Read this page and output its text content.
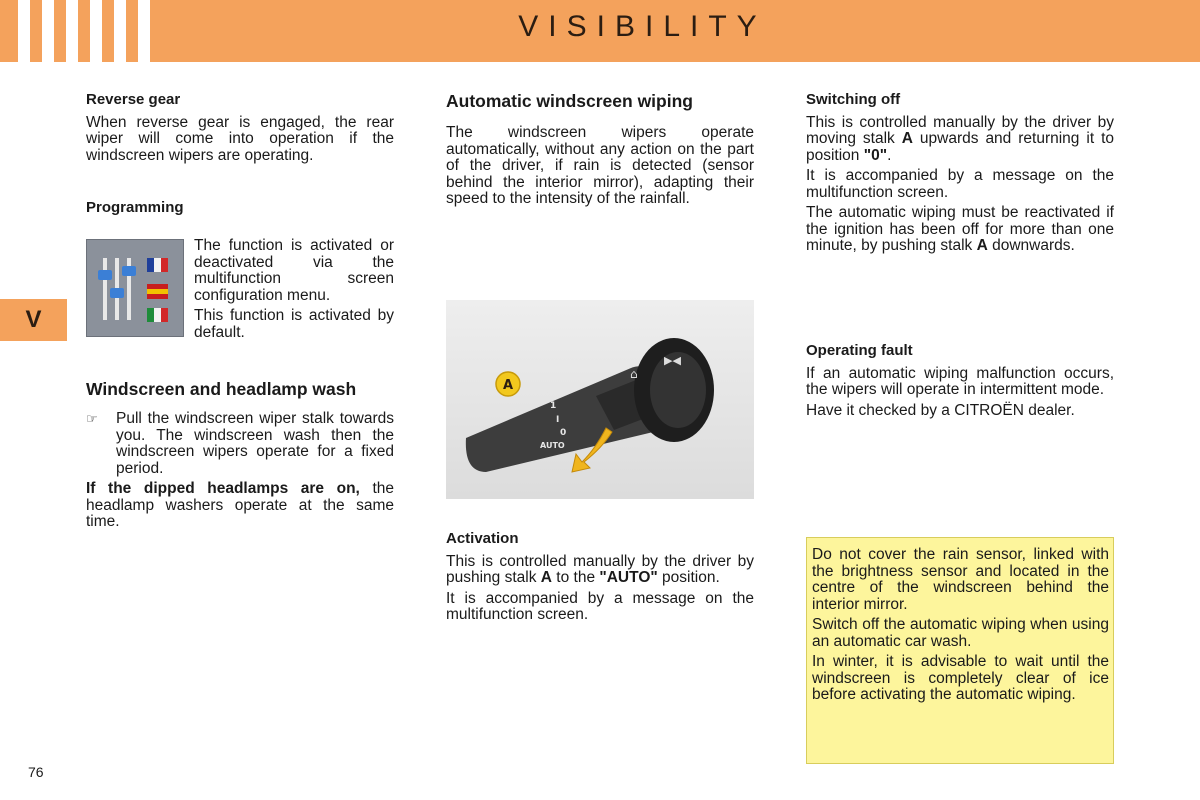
VISIBILITY
V
76
Reverse gear

When reverse gear is engaged, the rear wiper will come into operation if the windscreen wipers are operating.

Programming

The function is activated or deactivated via the multifunction screen configuration menu.

This function is activated by default.

Windscreen and headlamp wash
☞	Pull the windscreen wiper stalk towards you. The windscreen wash then the windscreen wipers operate for a fixed period.

If the dipped headlamps are on, the headlamp washers operate at the same time.

Automatic windscreen wiping

The windscreen wipers operate automatically, without any action on the part of the driver, if rain is detected (sensor behind the interior mirror), adapting their speed to the intensity of the rainfall.

▶◀
⌂
2
1
I
0
AUTO
⌒
A
Activation

This is controlled manually by the driver by pushing stalk A to the "AUTO" position.

It is accompanied by a message on the multifunction screen.

Switching off

This is controlled manually by the driver by moving stalk A upwards and returning it to position "0".

It is accompanied by a message on the multifunction screen.

The automatic wiping must be reactivated if the ignition has been off for more than one minute, by pushing stalk A downwards.

Operating fault

If an automatic wiping malfunction occurs, the wipers will operate in intermittent mode.

Have it checked by a CITROËN dealer.

Do not cover the rain sensor, linked with the brightness sensor and located in the centre of the windscreen behind the interior mirror.

Switch off the automatic wiping when using an automatic car wash.

In winter, it is advisable to wait until the windscreen is completely clear of ice before activating the automatic wiping.
